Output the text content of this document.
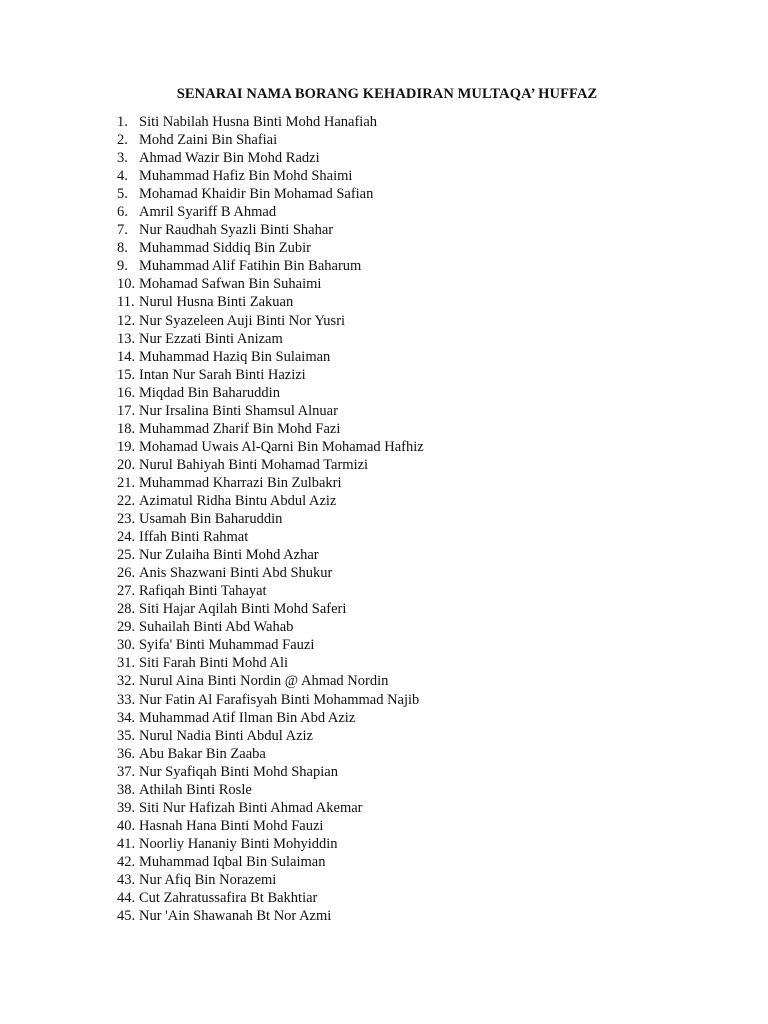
SENARAI NAMA BORANG KEHADIRAN MULTAQA’ HUFFAZ
1. Siti Nabilah Husna Binti Mohd Hanafiah
2. Mohd Zaini Bin Shafiai
3. Ahmad Wazir Bin Mohd Radzi
4. Muhammad Hafiz Bin Mohd Shaimi
5. Mohamad Khaidir Bin Mohamad Safian
6. Amril Syariff B Ahmad
7. Nur Raudhah Syazli Binti Shahar
8. Muhammad Siddiq Bin Zubir
9. Muhammad Alif Fatihin Bin Baharum
10. Mohamad Safwan Bin Suhaimi
11. Nurul Husna Binti Zakuan
12. Nur Syazeleen Auji Binti Nor Yusri
13. Nur Ezzati Binti Anizam
14. Muhammad Haziq Bin Sulaiman
15. Intan Nur Sarah Binti Hazizi
16. Miqdad Bin Baharuddin
17. Nur Irsalina Binti Shamsul Alnuar
18. Muhammad Zharif Bin Mohd Fazi
19. Mohamad Uwais Al-Qarni Bin Mohamad Hafhiz
20. Nurul Bahiyah Binti Mohamad Tarmizi
21. Muhammad Kharrazi Bin Zulbakri
22. Azimatul Ridha Bintu Abdul Aziz
23. Usamah Bin Baharuddin
24. Iffah Binti Rahmat
25. Nur Zulaiha Binti Mohd Azhar
26. Anis Shazwani Binti Abd Shukur
27. Rafiqah Binti Tahayat
28. Siti Hajar Aqilah Binti Mohd Saferi
29. Suhailah Binti Abd Wahab
30. Syifa' Binti Muhammad Fauzi
31. Siti Farah Binti Mohd Ali
32. Nurul Aina Binti Nordin @ Ahmad Nordin
33. Nur Fatin Al Farafisyah Binti Mohammad Najib
34. Muhammad Atif Ilman Bin Abd Aziz
35. Nurul Nadia Binti Abdul Aziz
36. Abu Bakar Bin Zaaba
37. Nur Syafiqah Binti Mohd Shapian
38. Athilah Binti Rosle
39. Siti Nur Hafizah Binti Ahmad Akemar
40. Hasnah Hana Binti Mohd Fauzi
41. Noorliy Hananiy Binti Mohyiddin
42. Muhammad Iqbal Bin Sulaiman
43. Nur Afiq Bin Norazemi
44. Cut Zahratussafira Bt Bakhtiar
45. Nur 'Ain Shawanah Bt Nor Azmi
